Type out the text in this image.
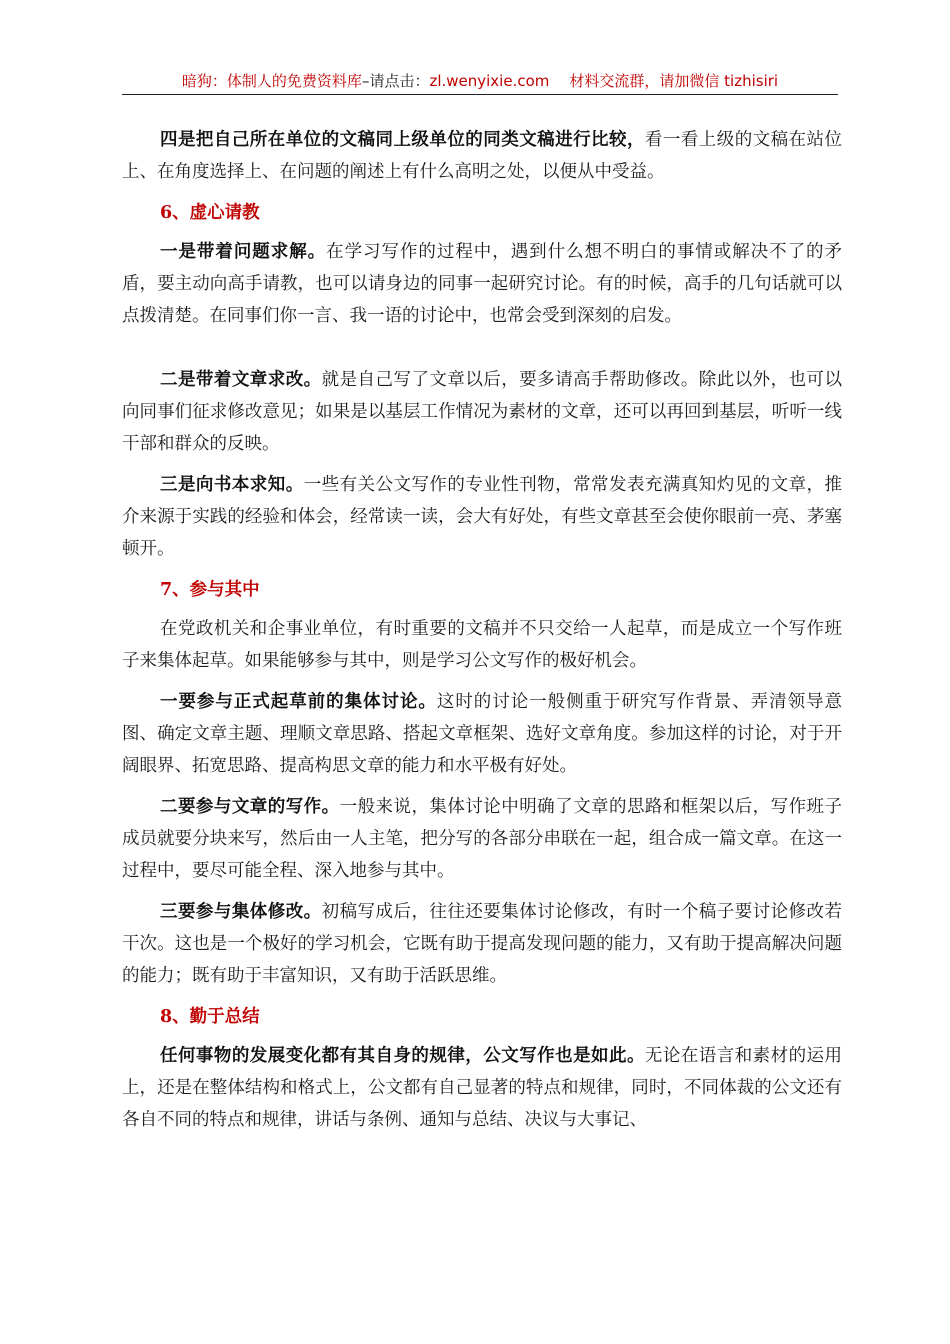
暗狗：体制人的免费资料库–请点击：zl.wenyixie.com 材料交流群，请加微信 tizhisiri

四是把自己所在单位的文稿同上级单位的同类文稿进行比较，看一看上级的文稿在站位上、在角度选择上、在问题的阐述上有什么高明之处，以便从中受益。

6、虚心请教

一是带着问题求解。在学习写作的过程中，遇到什么想不明白的事情或解决不了的矛盾，要主动向高手请教，也可以请身边的同事一起研究讨论。有的时候，高手的几句话就可以点拨清楚。在同事们你一言、我一语的讨论中，也常会受到深刻的启发。

二是带着文章求改。就是自己写了文章以后，要多请高手帮助修改。除此以外，也可以向同事们征求修改意见；如果是以基层工作情况为素材的文章，还可以再回到基层，听听一线干部和群众的反映。

三是向书本求知。一些有关公文写作的专业性刊物，常常发表充满真知灼见的文章，推介来源于实践的经验和体会，经常读一读，会大有好处，有些文章甚至会使你眼前一亮、茅塞顿开。

7、参与其中

在党政机关和企事业单位，有时重要的文稿并不只交给一人起草，而是成立一个写作班子来集体起草。如果能够参与其中，则是学习公文写作的极好机会。

一要参与正式起草前的集体讨论。这时的讨论一般侧重于研究写作背景、弄清领导意图、确定文章主题、理顺文章思路、搭起文章框架、选好文章角度。参加这样的讨论，对于开阔眼界、拓宽思路、提高构思文章的能力和水平极有好处。

二要参与文章的写作。一般来说，集体讨论中明确了文章的思路和框架以后，写作班子成员就要分块来写，然后由一人主笔，把分写的各部分串联在一起，组合成一篇文章。在这一过程中，要尽可能全程、深入地参与其中。

三要参与集体修改。初稿写成后，往往还要集体讨论修改，有时一个稿子要讨论修改若干次。这也是一个极好的学习机会，它既有助于提高发现问题的能力，又有助于提高解决问题的能力；既有助于丰富知识，又有助于活跃思维。

8、勤于总结

任何事物的发展变化都有其自身的规律，公文写作也是如此。无论在语言和素材的运用上，还是在整体结构和格式上，公文都有自己显著的特点和规律，同时，不同体裁的公文还有各自不同的特点和规律，讲话与条例、通知与总结、决议与大事记、
